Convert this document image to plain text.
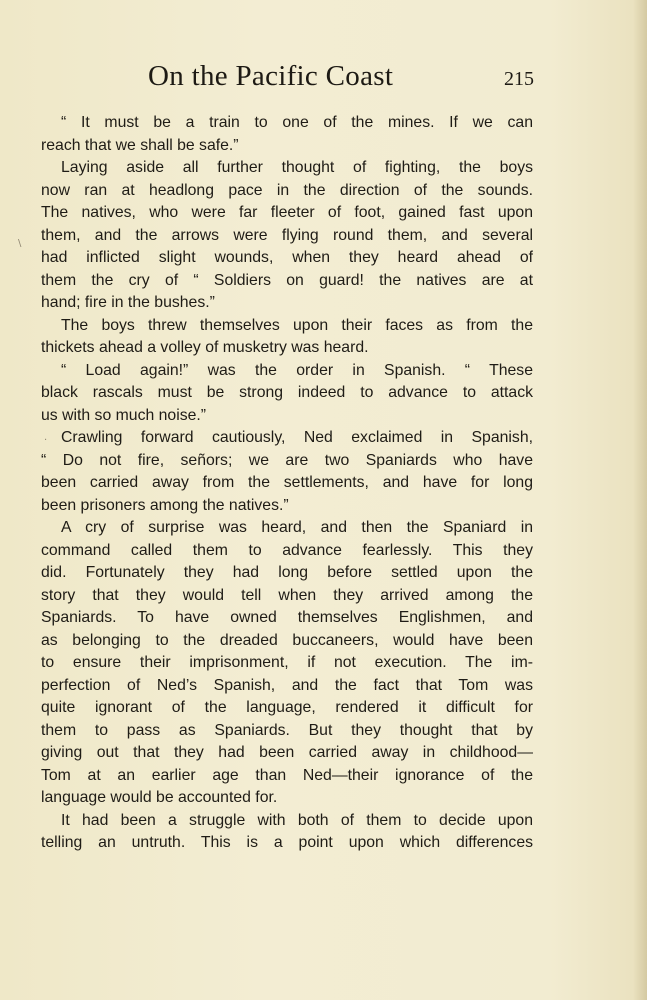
On the Pacific Coast	215
\
.
“ It must be a train to one of the mines. If we can
reach that we shall be safe.”
Laying aside all further thought of fighting, the boys
now ran at headlong pace in the direction of the sounds.
The natives, who were far fleeter of foot, gained fast upon
them, and the arrows were flying round them, and several
had inflicted slight wounds, when they heard ahead of
them the cry of “ Soldiers on guard! the natives are at
hand; fire in the bushes.”
The boys threw themselves upon their faces as from the
thickets ahead a volley of musketry was heard.
“ Load again!” was the order in Spanish. “ These
black rascals must be strong indeed to advance to attack
us with so much noise.”
Crawling forward cautiously, Ned exclaimed in Spanish,
“ Do not fire, señors; we are two Spaniards who have
been carried away from the settlements, and have for long
been prisoners among the natives.”
A cry of surprise was heard, and then the Spaniard in
command called them to advance fearlessly. This they
did. Fortunately they had long before settled upon the
story that they would tell when they arrived among the
Spaniards. To have owned themselves Englishmen, and
as belonging to the dreaded buccaneers, would have been
to ensure their imprisonment, if not execution. The im-
perfection of Ned’s Spanish, and the fact that Tom was
quite ignorant of the language, rendered it difficult for
them to pass as Spaniards. But they thought that by
giving out that they had been carried away in childhood—
Tom at an earlier age than Ned—their ignorance of the
language would be accounted for.
It had been a struggle with both of them to decide upon
telling an untruth. This is a point upon which differences
